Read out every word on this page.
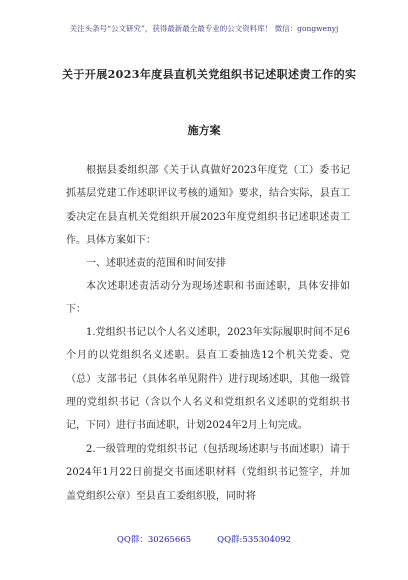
关注头条号“公文研究”，获得最新最全最专业的公文资料库！ 微信：gongwenyj
关于开展2023年度县直机关党组织书记述职述责工作的实
施方案

根据县委组织部《关于认真做好2023年度党（工）委书记抓基层党建工作述职评议考核的通知》要求，结合实际，县直工委决定在县直机关党组织开展2023年度党组织书记述职述责工作。具体方案如下：

一、述职述责的范围和时间安排

本次述职述责活动分为现场述职和书面述职，具体安排如下：

1.党组织书记以个人名义述职，2023年实际履职时间不足6个月的以党组织名义述职。县直工委抽选12个机关党委、党（总）支部书记（具体名单见附件）进行现场述职，其他一级管理的党组织书记（含以个人名义和党组织名义述职的党组织书记，下同）进行书面述职，计划2024年2月上旬完成。

2.一级管理的党组织书记（包括现场述职与书面述职）请于2024年1月22日前提交书面述职材料（党组织书记签字，并加盖党组织公章）至县直工委组织股，同时将

QQ群：30265665	QQ群:535304092
